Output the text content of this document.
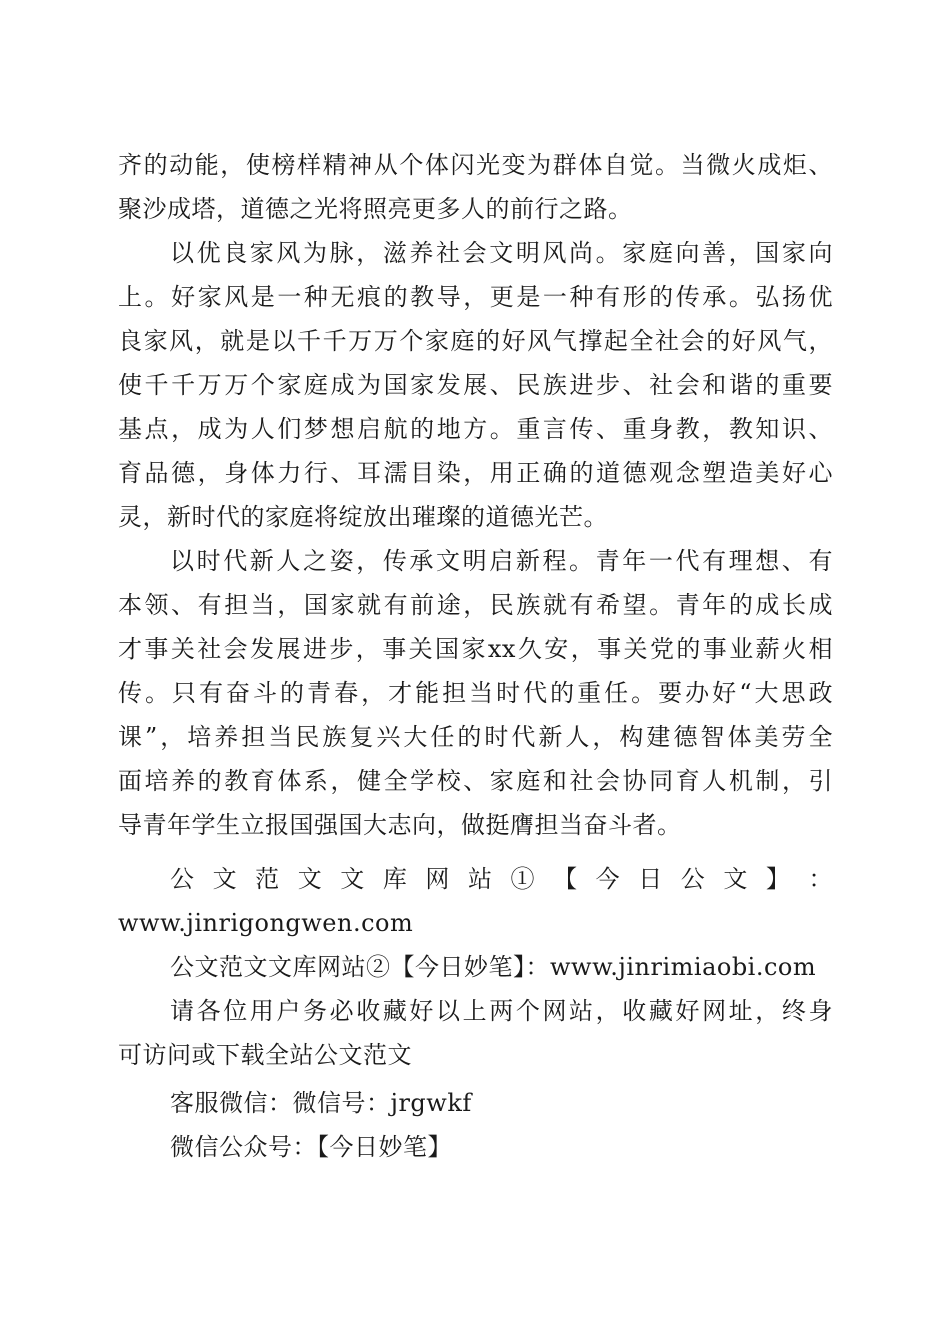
齐的动能，使榜样精神从个体闪光变为群体自觉。当微火成炬、
聚沙成塔，道德之光将照亮更多人的前行之路。
以优良家风为脉，滋养社会文明风尚。家庭向善，国家向
上。好家风是一种无痕的教导，更是一种有形的传承。弘扬优
良家风，就是以千千万万个家庭的好风气撑起全社会的好风气，
使千千万万个家庭成为国家发展、民族进步、社会和谐的重要
基点，成为人们梦想启航的地方。重言传、重身教，教知识、
育品德，身体力行、耳濡目染，用正确的道德观念塑造美好心
灵，新时代的家庭将绽放出璀璨的道德光芒。
以时代新人之姿，传承文明启新程。青年一代有理想、有
本领、有担当，国家就有前途，民族就有希望。青年的成长成
才事关社会发展进步，事关国家xx久安，事关党的事业薪火相
传。只有奋斗的青春，才能担当时代的重任。要办好“大思政
课”，培养担当民族复兴大任的时代新人，构建德智体美劳全
面培养的教育体系，健全学校、家庭和社会协同育人机制，引
导青年学生立报国强国大志向，做挺膺担当奋斗者。
公 文 范 文 文 库 网 站 ① 【 今 日 公 文 】 ：
www.jinrigongwen.com
公文范文文库网站②【今日妙笔】：www.jinrimiaobi.com
请各位用户务必收藏好以上两个网站，收藏好网址，终身
可访问或下载全站公文范文
客服微信：微信号：jrgwkf
微信公众号：【今日妙笔】
